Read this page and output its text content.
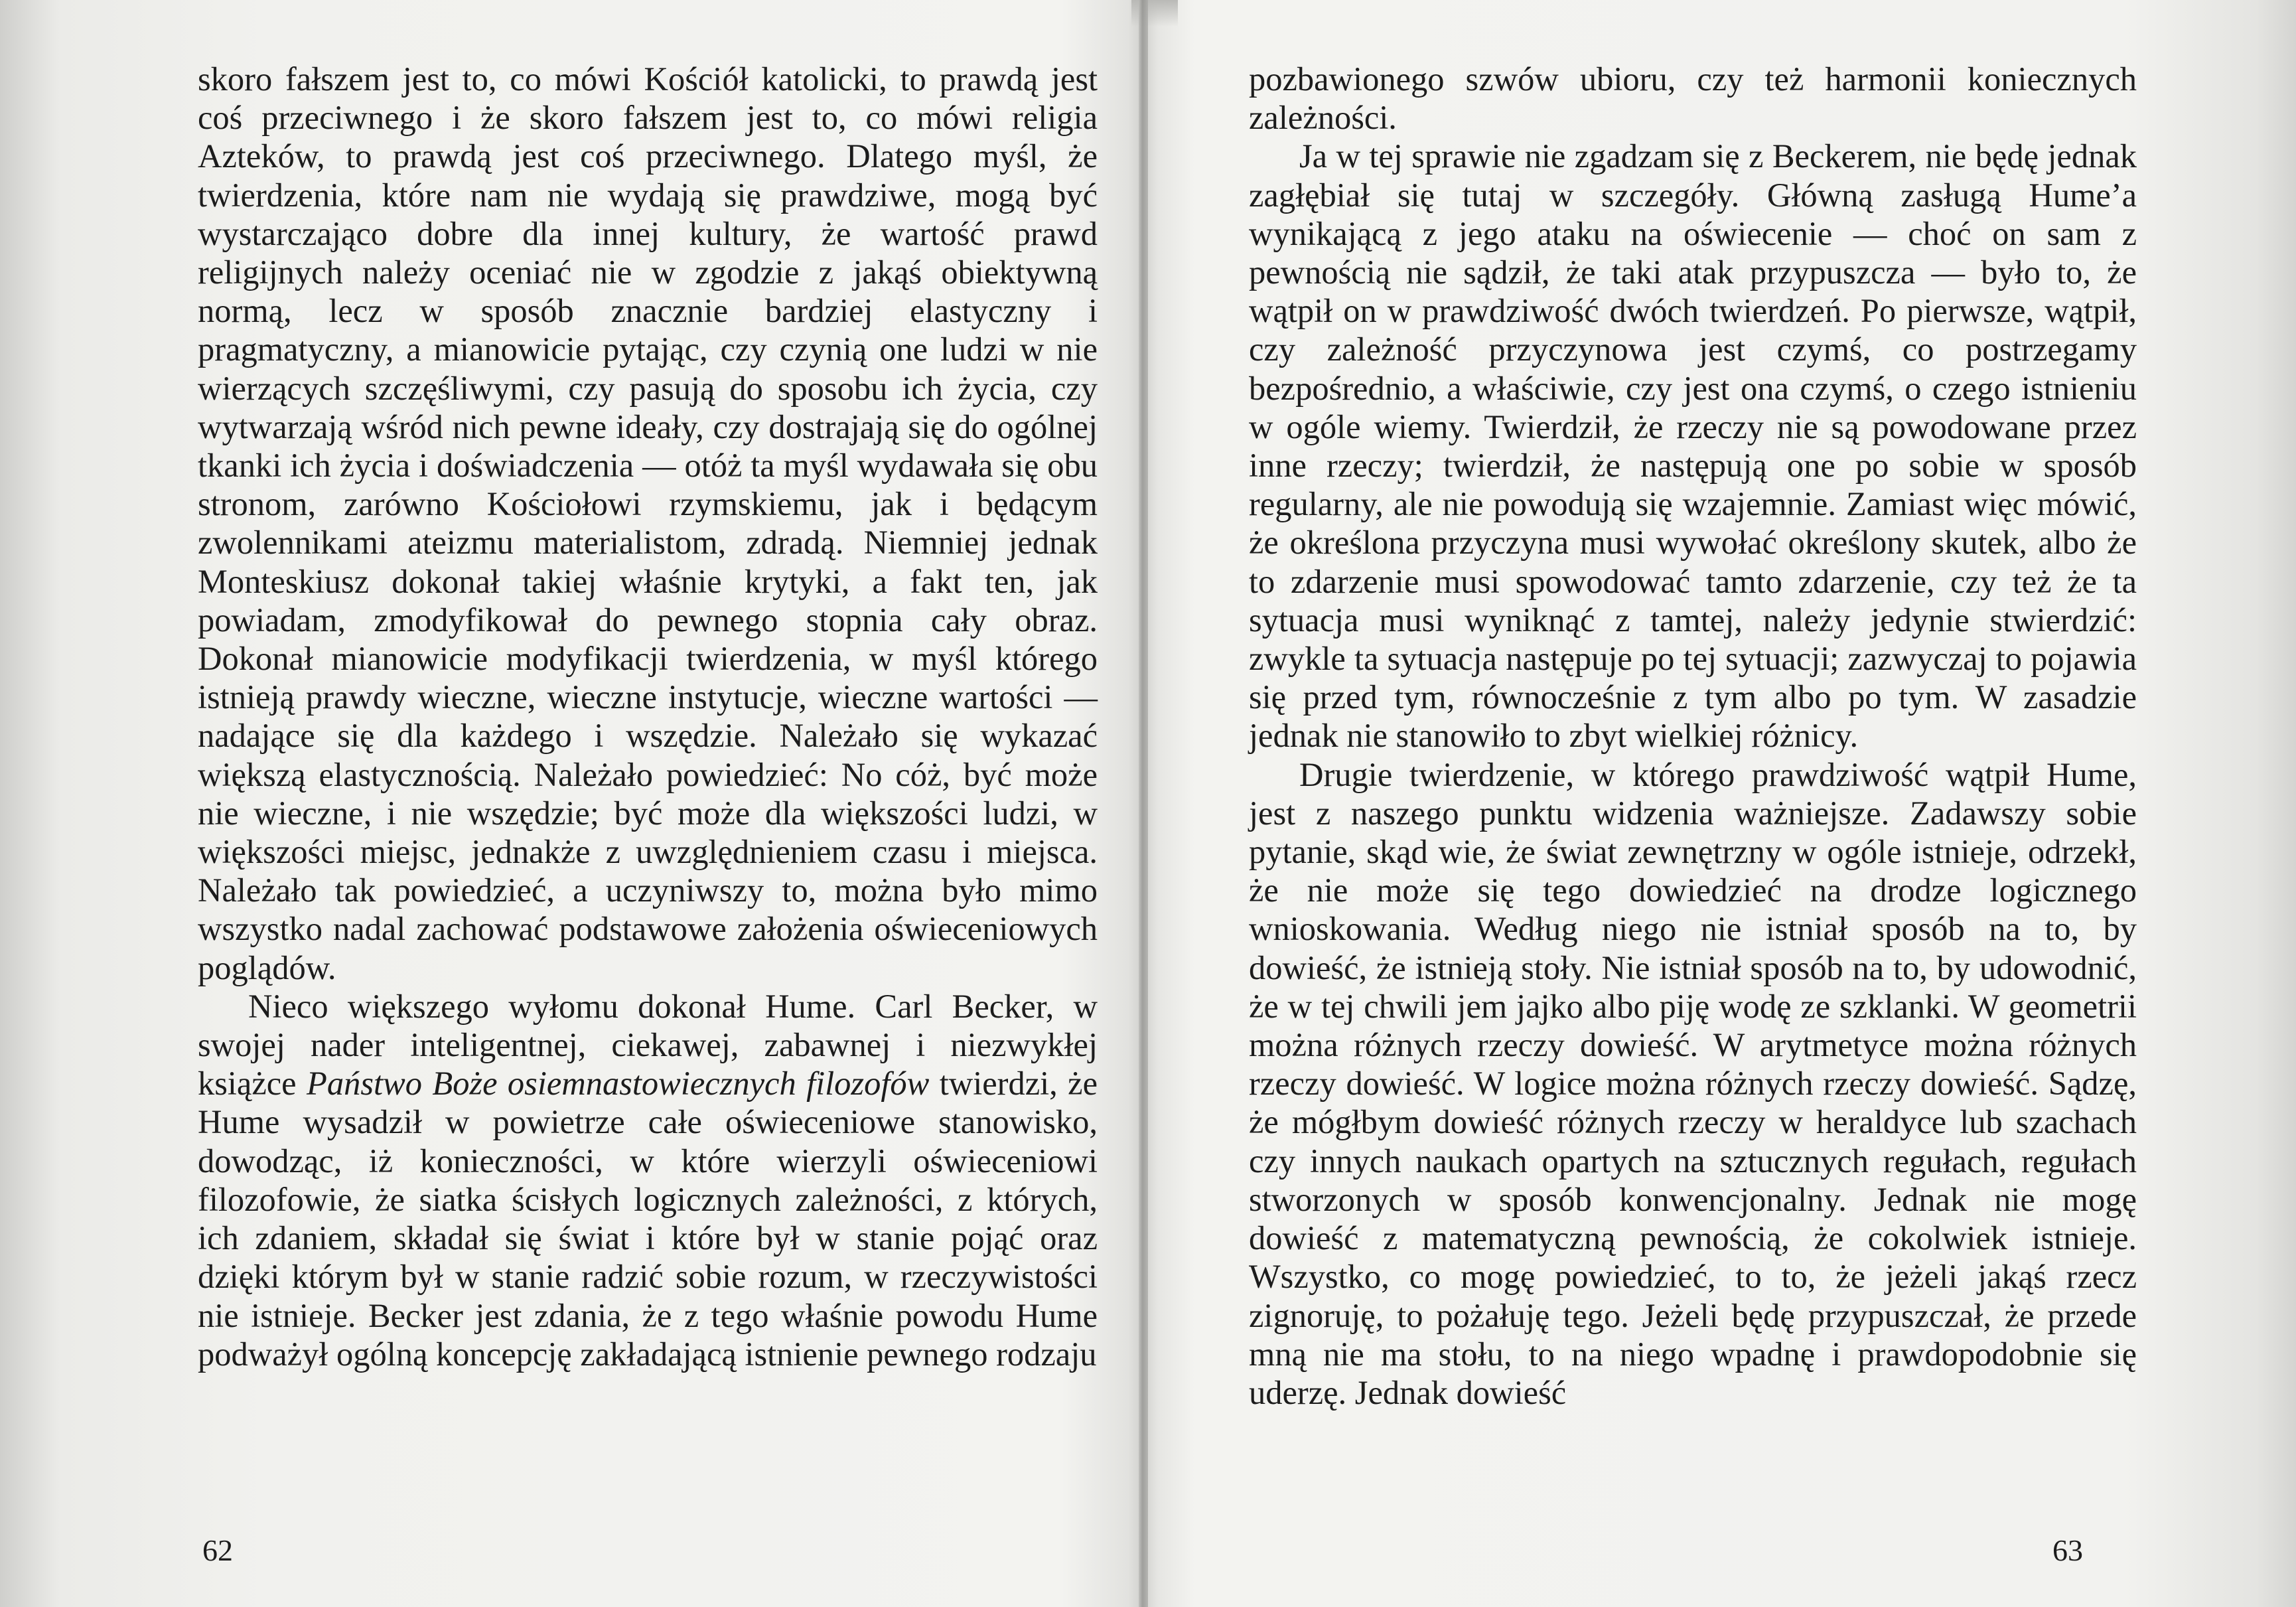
skoro fałszem jest to, co mówi Kościół katolicki, to prawdą jest coś przeciwnego i że skoro fałszem jest to, co mówi religia Azteków, to prawdą jest coś przeciwnego. Dlatego myśl, że twierdzenia, które nam nie wydają się prawdziwe, mogą być wystarczająco dobre dla innej kultury, że wartość prawd religijnych należy oceniać nie w zgodzie z jakąś obiektywną normą, lecz w sposób znacznie bardziej elastyczny i pragmatyczny, a mianowicie pytając, czy czynią one ludzi w nie wierzących szczęśliwymi, czy pasują do sposobu ich życia, czy wytwarzają wśród nich pewne ideały, czy dostrajają się do ogólnej tkanki ich życia i doświadczenia — otóż ta myśl wydawała się obu stronom, zarówno Kościołowi rzymskiemu, jak i będącym zwolennikami ateizmu materialistom, zdradą. Niemniej jednak Monteskiusz dokonał takiej właśnie krytyki, a fakt ten, jak powiadam, zmodyfikował do pewnego stopnia cały obraz. Dokonał mianowicie modyfikacji twierdzenia, w myśl którego istnieją prawdy wieczne, wieczne instytucje, wieczne wartości — nadające się dla każdego i wszędzie. Należało się wykazać większą elastycznością. Należało powiedzieć: No cóż, być może nie wieczne, i nie wszędzie; być może dla większości ludzi, w większości miejsc, jednakże z uwzględnieniem czasu i miejsca. Należało tak powiedzieć, a uczyniwszy to, można było mimo wszystko nadal zachować podstawowe założenia oświeceniowych poglądów.

Nieco większego wyłomu dokonał Hume. Carl Becker, w swojej nader inteligentnej, ciekawej, zabawnej i niezwykłej książce Państwo Boże osiemnastowiecznych filozofów twierdzi, że Hume wysadził w powietrze całe oświeceniowe stanowisko, dowodząc, iż konieczności, w które wierzyli oświeceniowi filozofowie, że siatka ścisłych logicznych zależności, z których, ich zdaniem, składał się świat i które był w stanie pojąć oraz dzięki którym był w stanie radzić sobie rozum, w rzeczywistości nie istnieje. Becker jest zdania, że z tego właśnie powodu Hume podważył ogólną koncepcję zakładającą istnienie pewnego rodzaju

62

pozbawionego szwów ubioru, czy też harmonii koniecznych zależności.

Ja w tej sprawie nie zgadzam się z Beckerem, nie będę jednak zagłębiał się tutaj w szczegóły. Główną zasługą Hume’a wynikającą z jego ataku na oświecenie — choć on sam z pewnością nie sądził, że taki atak przypuszcza — było to, że wątpił on w prawdziwość dwóch twierdzeń. Po pierwsze, wątpił, czy zależność przyczynowa jest czymś, co postrzegamy bezpośrednio, a właściwie, czy jest ona czymś, o czego istnieniu w ogóle wiemy. Twierdził, że rzeczy nie są powodowane przez inne rzeczy; twierdził, że następują one po sobie w sposób regularny, ale nie powodują się wzajemnie. Zamiast więc mówić, że określona przyczyna musi wywołać określony skutek, albo że to zdarzenie musi spowodować tamto zdarzenie, czy też że ta sytuacja musi wyniknąć z tamtej, należy jedynie stwierdzić: zwykle ta sytuacja następuje po tej sytuacji; zazwyczaj to pojawia się przed tym, równocześnie z tym albo po tym. W zasadzie jednak nie stanowiło to zbyt wielkiej różnicy.

Drugie twierdzenie, w którego prawdziwość wątpił Hume, jest z naszego punktu widzenia ważniejsze. Zadawszy sobie pytanie, skąd wie, że świat zewnętrzny w ogóle istnieje, odrzekł, że nie może się tego dowiedzieć na drodze logicznego wnioskowania. Według niego nie istniał sposób na to, by dowieść, że istnieją stoły. Nie istniał sposób na to, by udowodnić, że w tej chwili jem jajko albo piję wodę ze szklanki. W geometrii można różnych rzeczy dowieść. W arytmetyce można różnych rzeczy dowieść. W logice można różnych rzeczy dowieść. Sądzę, że mógłbym dowieść różnych rzeczy w heraldyce lub szachach czy innych naukach opartych na sztucznych regułach, regułach stworzonych w sposób konwencjonalny. Jednak nie mogę dowieść z matematyczną pewnością, że cokolwiek istnieje. Wszystko, co mogę powiedzieć, to to, że jeżeli jakąś rzecz zignoruję, to pożałuję tego. Jeżeli będę przypuszczał, że przede mną nie ma stołu, to na niego wpadnę i prawdopodobnie się uderzę. Jednak dowieść

63
